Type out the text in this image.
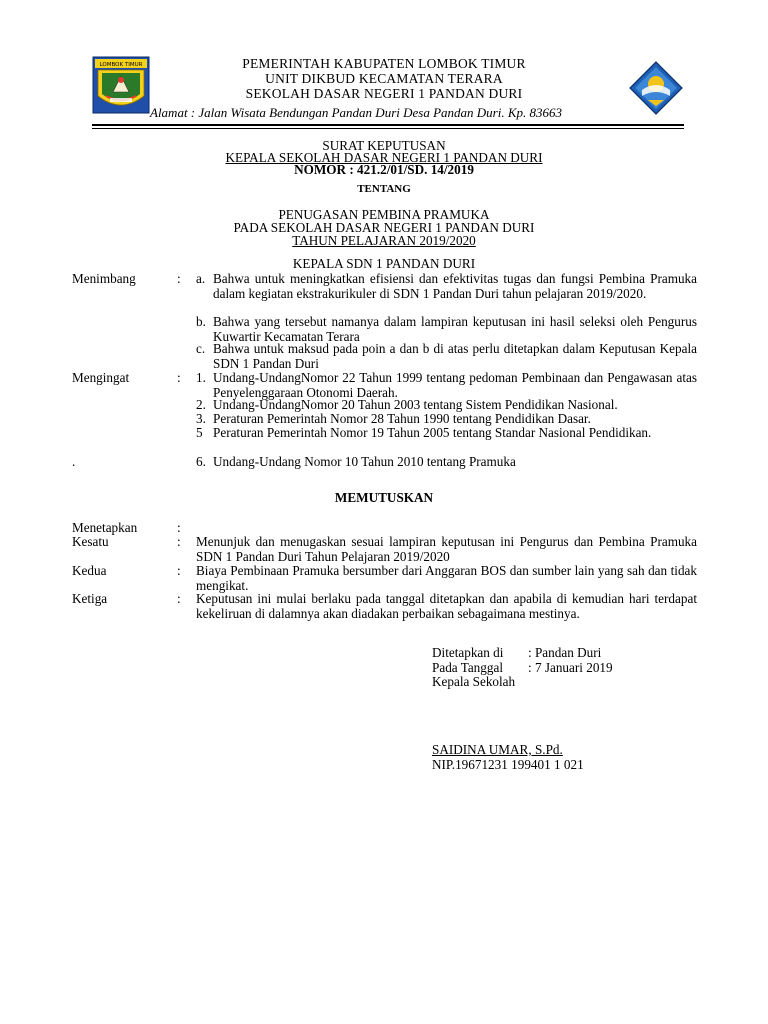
LOMBOK TIMUR	PEMERINTAH KABUPATEN LOMBOK TIMUR
UNIT DIKBUD KECAMATAN TERARA
SEKOLAH DASAR NEGERI 1 PANDAN DURI
Alamat : Jalan Wisata Bendungan Pandan Duri Desa Pandan Duri. Kp. 83663
SURAT KEPUTUSAN
KEPALA SEKOLAH DASAR NEGERI 1 PANDAN DURI
NOMOR : 421.2/01/SD. 14/2019
TENTANG
PENUGASAN PEMBINA PRAMUKA
PADA SEKOLAH DASAR NEGERI 1 PANDAN DURI
TAHUN PELAJARAN 2019/2020
KEPALA SDN 1 PANDAN DURI
Menimbang	: a. Bahwa untuk meningkatkan efisiensi dan efektivitas tugas dan fungsi Pembina Pramuka dalam kegiatan ekstrakurikuler di SDN 1 Pandan Duri tahun pelajaran 2019/2020.
b. Bahwa yang tersebut namanya dalam lampiran keputusan ini hasil seleksi oleh Pengurus Kuwartir Kecamatan Terara
c. Bahwa untuk maksud pada poin a dan b di atas perlu ditetapkan dalam Keputusan Kepala SDN 1 Pandan Duri
Mengingat	: 1. Undang-UndangNomor 22 Tahun 1999 tentang pedoman Pembinaan dan Pengawasan atas Penyelenggaraan Otonomi Daerah.
2. Undang-UndangNomor 20 Tahun 2003 tentang Sistem Pendidikan Nasional.
3. Peraturan Pemerintah Nomor 28 Tahun 1990 tentang Pendidikan Dasar.
5 Peraturan Pemerintah Nomor 19 Tahun 2005 tentang Standar Nasional Pendidikan.
.	6. Undang-Undang Nomor 10 Tahun 2010 tentang Pramuka
MEMUTUSKAN
Menetapkan	:
Kesatu	: Menunjuk dan menugaskan sesuai lampiran keputusan ini Pengurus dan Pembina Pramuka SDN 1 Pandan Duri Tahun Pelajaran 2019/2020
Kedua	: Biaya Pembinaan Pramuka bersumber dari Anggaran BOS dan sumber lain yang sah dan tidak mengikat.
Ketiga	: Keputusan ini mulai berlaku pada tanggal ditetapkan dan apabila di kemudian hari terdapat kekeliruan di dalamnya akan diadakan perbaikan sebagaimana mestinya.
Ditetapkan di : Pandan Duri
Pada Tanggal : 7 Januari 2019
Kepala Sekolah
SAIDINA UMAR, S.Pd.
NIP.19671231 199401 1 021
